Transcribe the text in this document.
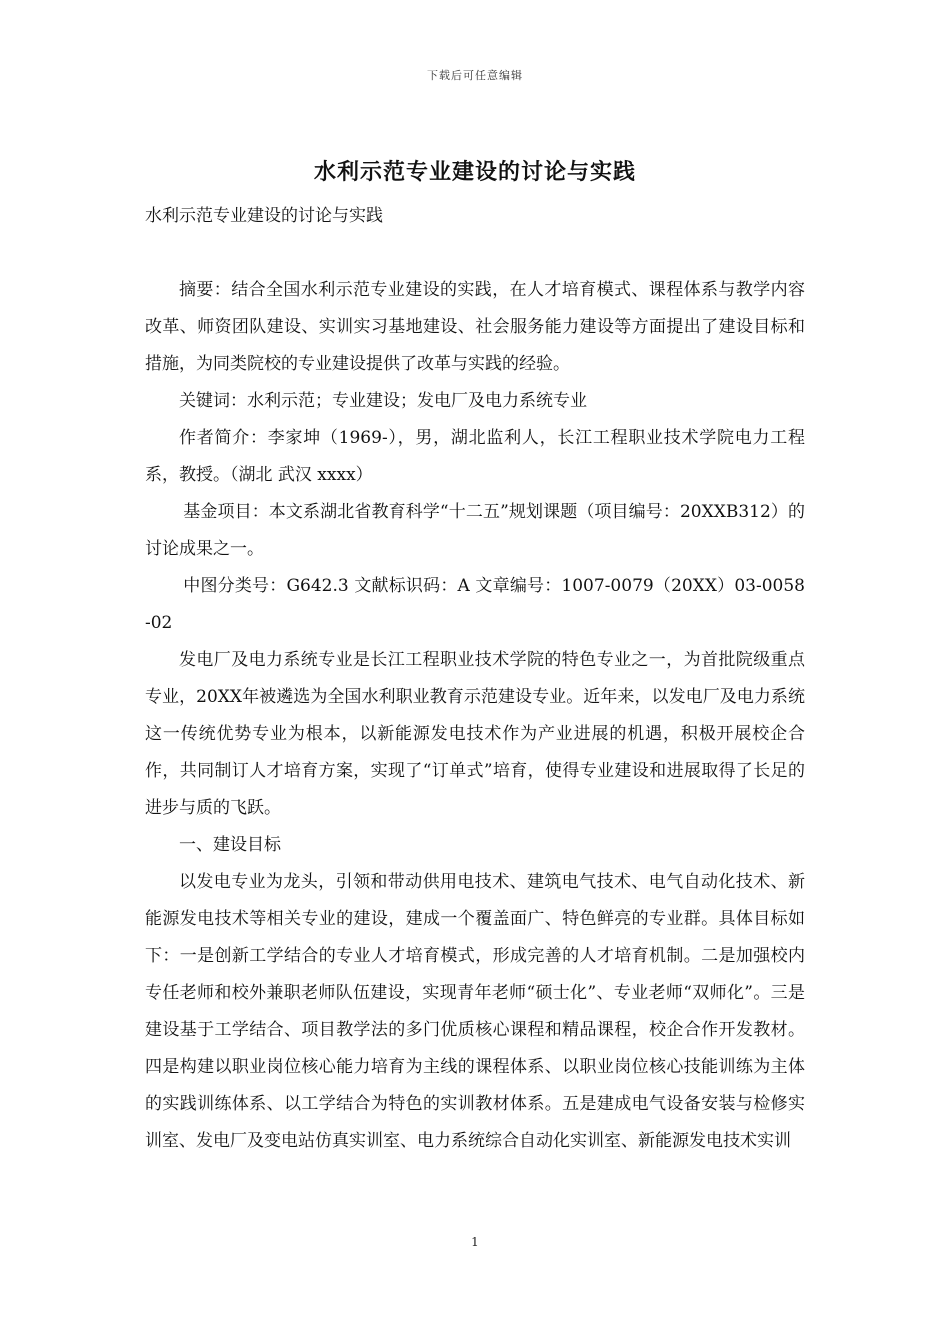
下载后可任意编辑
水利示范专业建设的讨论与实践
水利示范专业建设的讨论与实践

摘要：结合全国水利示范专业建设的实践，在人才培育模式、课程体系与教学内容改革、师资团队建设、实训实习基地建设、社会服务能力建设等方面提出了建设目标和措施，为同类院校的专业建设提供了改革与实践的经验。

关键词：水利示范；专业建设；发电厂及电力系统专业

作者简介：李家坤（1969-），男，湖北监利人，长江工程职业技术学院电力工程系，教授。（湖北 武汉 xxxx）

基金项目：本文系湖北省教育科学“十二五”规划课题（项目编号：20XXB312）的讨论成果之一。

中图分类号：G642.3 文献标识码：A 文章编号：1007-0079（20XX）03-0058-02

发电厂及电力系统专业是长江工程职业技术学院的特色专业之一，为首批院级重点专业，20XX年被遴选为全国水利职业教育示范建设专业。近年来，以发电厂及电力系统这一传统优势专业为根本，以新能源发电技术作为产业进展的机遇，积极开展校企合作，共同制订人才培育方案，实现了“订单式”培育，使得专业建设和进展取得了长足的进步与质的飞跃。

一、建设目标

以发电专业为龙头，引领和带动供用电技术、建筑电气技术、电气自动化技术、新能源发电技术等相关专业的建设，建成一个覆盖面广、特色鲜亮的专业群。具体目标如下：一是创新工学结合的专业人才培育模式，形成完善的人才培育机制。二是加强校内专任老师和校外兼职老师队伍建设，实现青年老师“硕士化”、专业老师“双师化”。三是建设基于工学结合、项目教学法的多门优质核心课程和精品课程，校企合作开发教材。四是构建以职业岗位核心能力培育为主线的课程体系、以职业岗位核心技能训练为主体的实践训练体系、以工学结合为特色的实训教材体系。五是建成电气设备安装与检修实训室、发电厂及变电站仿真实训室、电力系统综合自动化实训室、新能源发电技术实训

1
